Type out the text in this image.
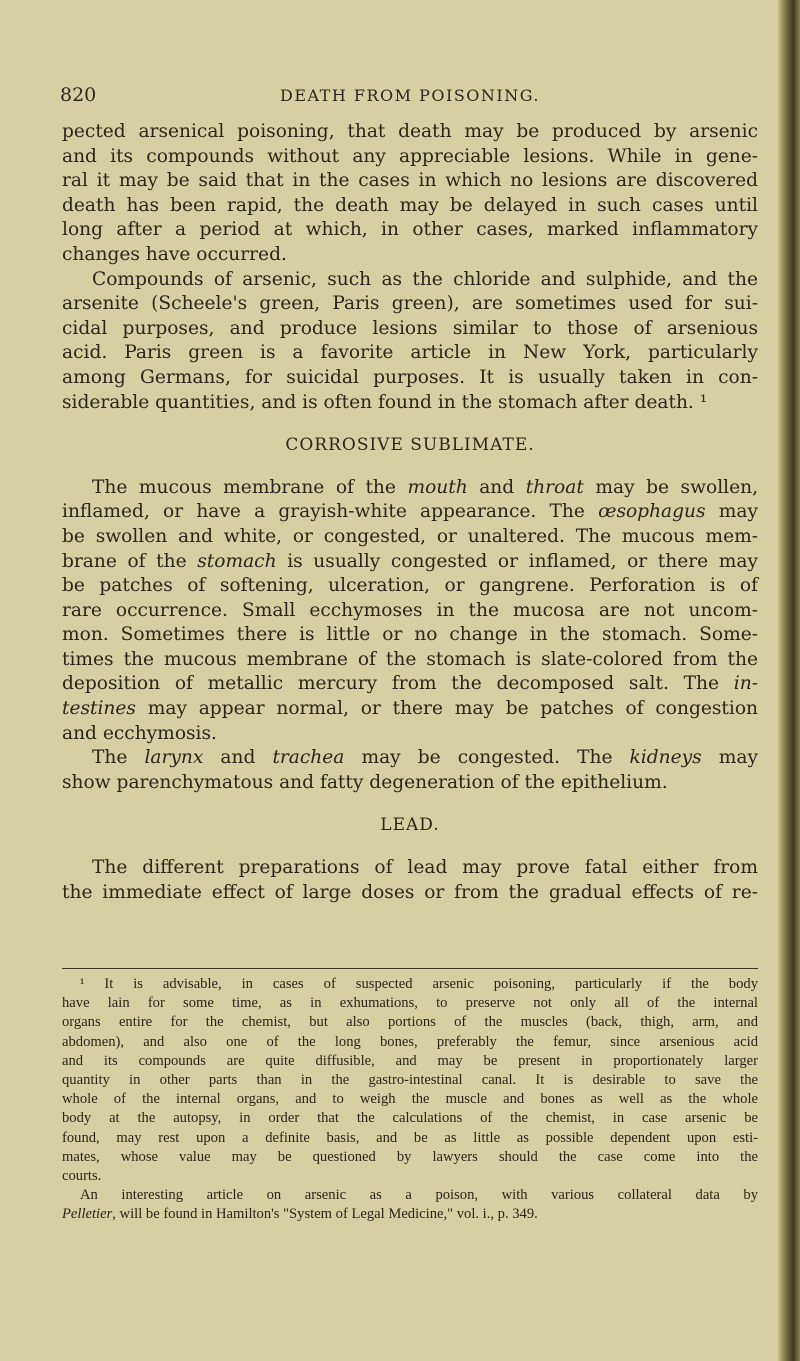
820	DEATH FROM POISONING.
pected arsenical poisoning, that death may be produced by arsenic
and its compounds without any appreciable lesions. While in gene-
ral it may be said that in the cases in which no lesions are discovered
death has been rapid, the death may be delayed in such cases until
long after a period at which, in other cases, marked inflammatory
changes have occurred.
Compounds of arsenic, such as the chloride and sulphide, and the
arsenite (Scheele's green, Paris green), are sometimes used for sui-
cidal purposes, and produce lesions similar to those of arsenious
acid. Paris green is a favorite article in New York, particularly
among Germans, for suicidal purposes. It is usually taken in con-
siderable quantities, and is often found in the stomach after death. ¹
CORROSIVE SUBLIMATE.
The mucous membrane of the mouth and throat may be swollen,
inflamed, or have a grayish-white appearance. The œsophagus may
be swollen and white, or congested, or unaltered. The mucous mem-
brane of the stomach is usually congested or inflamed, or there may
be patches of softening, ulceration, or gangrene. Perforation is of
rare occurrence. Small ecchymoses in the mucosa are not uncom-
mon. Sometimes there is little or no change in the stomach. Some-
times the mucous membrane of the stomach is slate-colored from the
deposition of metallic mercury from the decomposed salt. The in-
testines may appear normal, or there may be patches of congestion
and ecchymosis.
The larynx and trachea may be congested. The kidneys may
show parenchymatous and fatty degeneration of the epithelium.
LEAD.
The different preparations of lead may prove fatal either from
the immediate effect of large doses or from the gradual effects of re-
¹ It is advisable, in cases of suspected arsenic poisoning, particularly if the body
have lain for some time, as in exhumations, to preserve not only all of the internal
organs entire for the chemist, but also portions of the muscles (back, thigh, arm, and
abdomen), and also one of the long bones, preferably the femur, since arsenious acid
and its compounds are quite diffusible, and may be present in proportionately larger
quantity in other parts than in the gastro-intestinal canal. It is desirable to save the
whole of the internal organs, and to weigh the muscle and bones as well as the whole
body at the autopsy, in order that the calculations of the chemist, in case arsenic be
found, may rest upon a definite basis, and be as little as possible dependent upon esti-
mates, whose value may be questioned by lawyers should the case come into the
courts.
An interesting article on arsenic as a poison, with various collateral data by
Pelletier, will be found in Hamilton's "System of Legal Medicine," vol. i., p. 349.
